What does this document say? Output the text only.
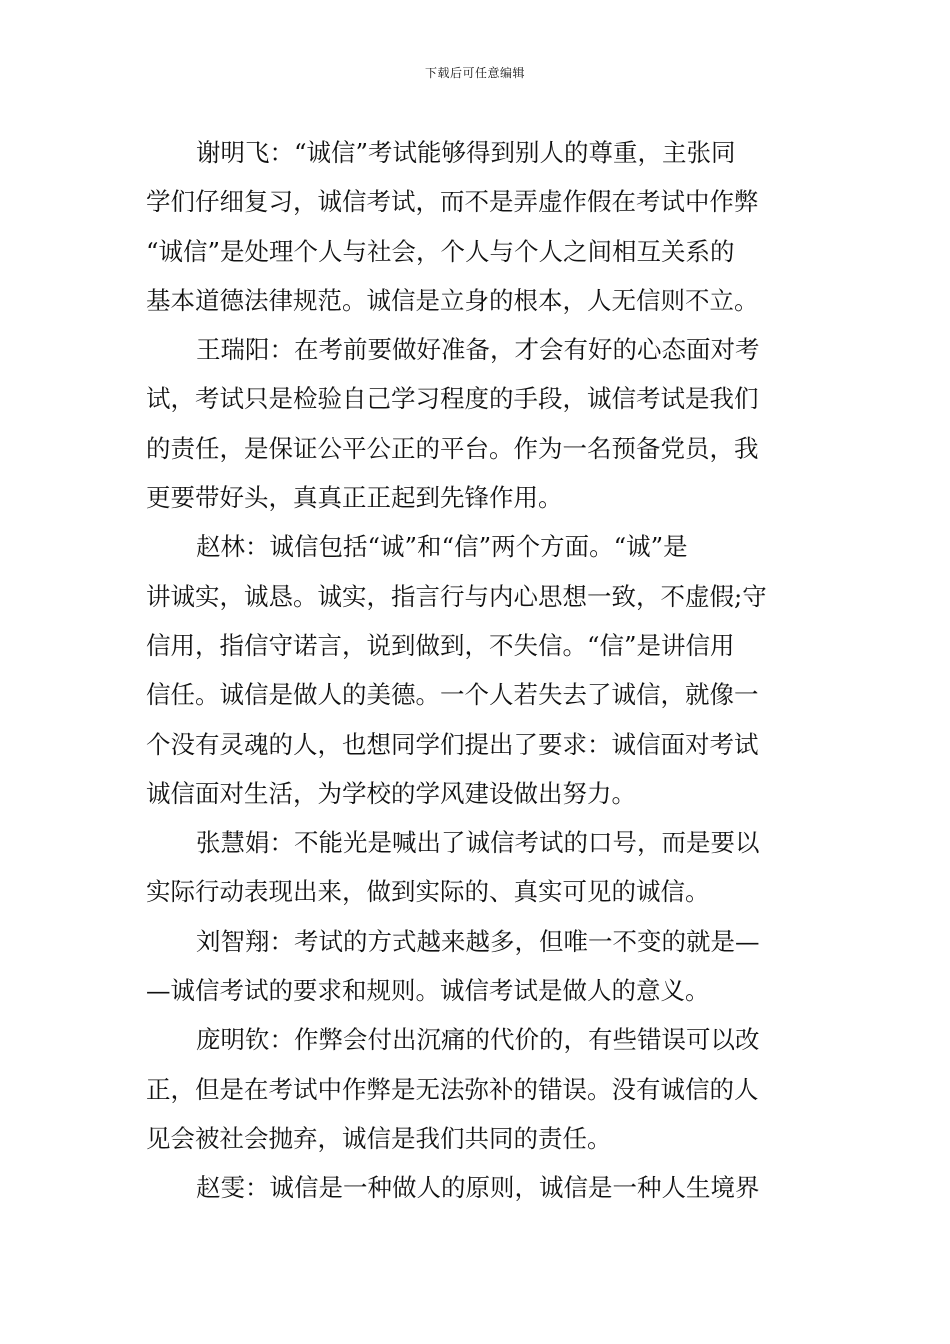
下载后可任意编辑
谢明飞：“诚信”考试能够得到别人的尊重，主张同
学们仔细复习，诚信考试，而不是弄虚作假在考试中作弊
“诚信”是处理个人与社会，个人与个人之间相互关系的
基本道德法律规范。诚信是立身的根本，人无信则不立。
王瑞阳：在考前要做好准备，才会有好的心态面对考
试，考试只是检验自己学习程度的手段，诚信考试是我们
的责任，是保证公平公正的平台。作为一名预备党员，我
更要带好头，真真正正起到先锋作用。
赵林：诚信包括“诚”和“信”两个方面。“诚”是
讲诚实，诚恳。诚实，指言行与内心思想一致，不虚假;守
信用，指信守诺言，说到做到，不失信。“信”是讲信用
信任。诚信是做人的美德。一个人若失去了诚信，就像一
个没有灵魂的人，也想同学们提出了要求：诚信面对考试
诚信面对生活，为学校的学风建设做出努力。
张慧娟：不能光是喊出了诚信考试的口号，而是要以
实际行动表现出来，做到实际的、真实可见的诚信。
刘智翔：考试的方式越来越多，但唯一不变的就是—
—诚信考试的要求和规则。诚信考试是做人的意义。
庞明钦：作弊会付出沉痛的代价的，有些错误可以改
正，但是在考试中作弊是无法弥补的错误。没有诚信的人
见会被社会抛弃，诚信是我们共同的责任。
赵雯：诚信是一种做人的原则，诚信是一种人生境界
